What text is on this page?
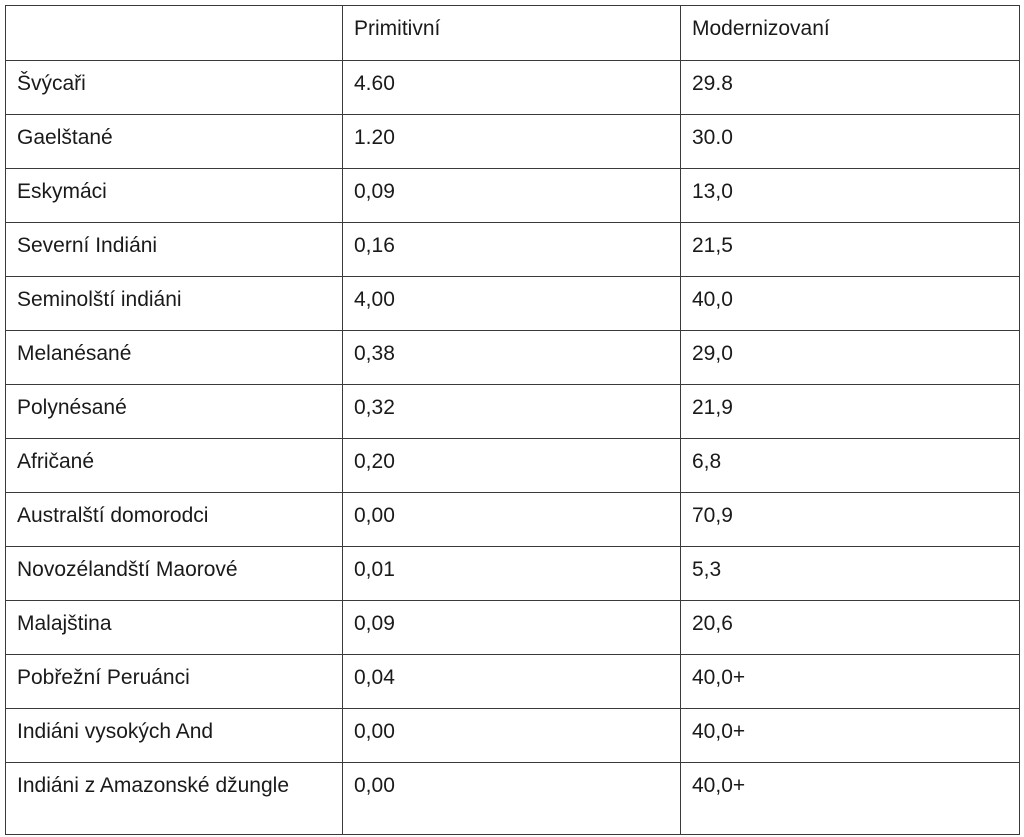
	Primitivní	Modernizovaní
Švýcaři	4.60	29.8
Gaelštané	1.20	30.0
Eskymáci	0,09	13,0
Severní Indiáni	0,16	21,5
Seminolští indiáni	4,00	40,0
Melanésané	0,38	29,0
Polynésané	0,32	21,9
Afričané	0,20	6,8
Australští domorodci	0,00	70,9
Novozélandští Maorové	0,01	5,3
Malajština	0,09	20,6
Pobřežní Peruánci	0,04	40,0+
Indiáni vysokých And	0,00	40,0+
Indiáni z Amazonské džungle	0,00	40,0+
